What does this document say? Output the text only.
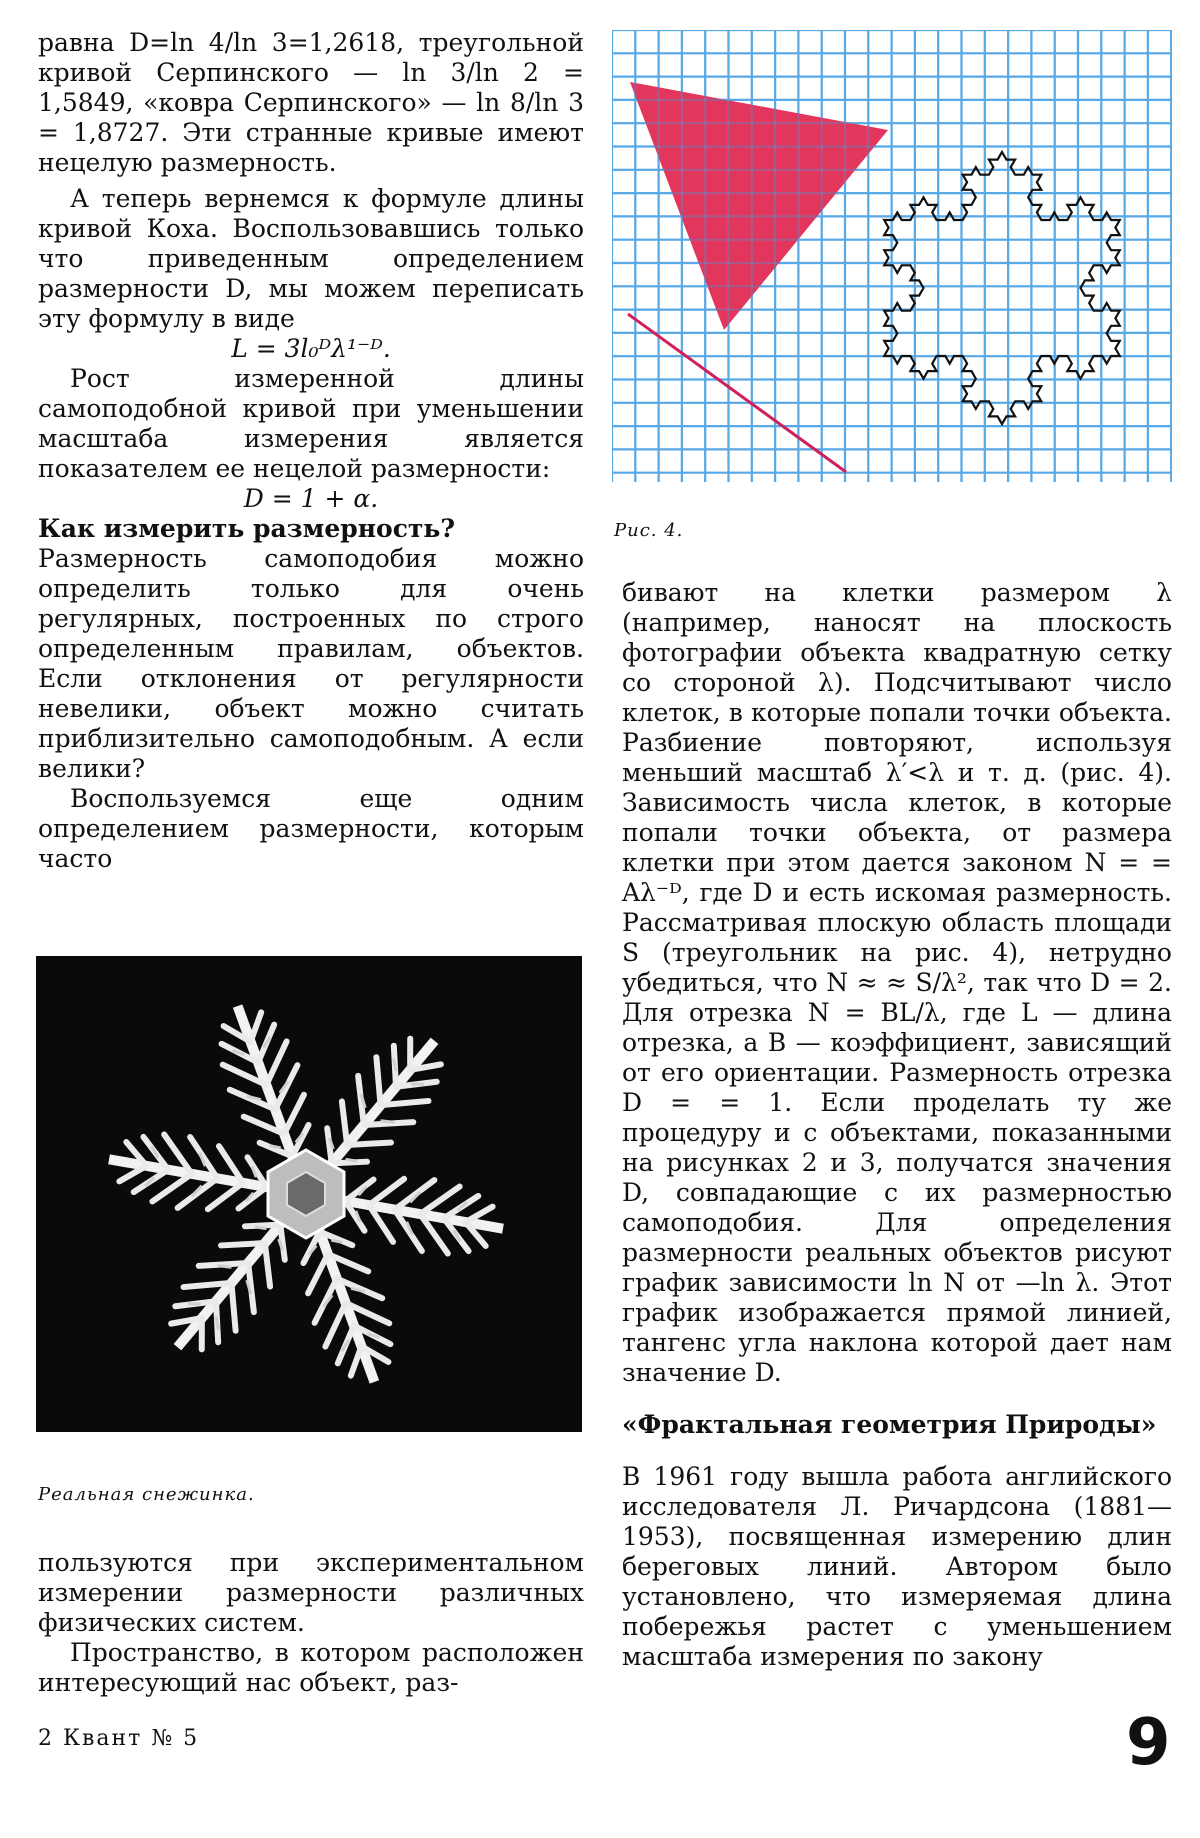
равна D=ln 4/ln 3=1,2618, треугольной кривой Серпинского — ln 3/ln 2 = 1,5849, «ковра Серпинского» — ln 8/ln 3 = 1,8727. Эти странные кривые имеют нецелую размерность.

А теперь вернемся к формуле длины кривой Коха. Воспользовавшись только что приведенным определением размерности D, мы можем переписать эту формулу в виде

L = 3l₀ᴰλ¹⁻ᴰ.

Рост измеренной длины самоподобной кривой при уменьшении масштаба измерения является показателем ее нецелой размерности:

D = 1 + α.

Как измерить размерность?

Размерность самоподобия можно определить только для очень регулярных, построенных по строго определенным правилам, объектов. Если отклонения от регулярности невелики, объект можно считать приблизительно самоподобным. А если велики?

Воспользуемся еще одним определением размерности, которым часто

Реальная снежинка.

пользуются при экспериментальном измерении размерности различных физических систем.

Пространство, в котором расположен интересующий нас объект, раз-

Рис. 4.

бивают на клетки размером λ (например, наносят на плоскость фотографии объекта квадратную сетку со стороной λ). Подсчитывают число клеток, в которые попали точки объекта. Разбиение повторяют, используя меньший масштаб λ′<λ и т. д. (рис. 4). Зависимость числа клеток, в которые попали точки объекта, от размера клетки при этом дается законом N = = Aλ⁻ᴰ, где D и есть искомая размерность. Рассматривая плоскую область площади S (треугольник на рис. 4), нетрудно убедиться, что N ≈ ≈ S/λ², так что D = 2. Для отрезка N = BL/λ, где L — длина отрезка, а B — коэффициент, зависящий от его ориентации. Размерность отрезка D = = 1. Если проделать ту же процедуру и с объектами, показанными на рисунках 2 и 3, получатся значения D, совпадающие с их размерностью самоподобия. Для определения размерности реальных объектов рисуют график зависимости ln N от —ln λ. Этот график изображается прямой линией, тангенс угла наклона которой дает нам значение D.

«Фрактальная геометрия Природы»

В 1961 году вышла работа английского исследователя Л. Ричардсона (1881—1953), посвященная измерению длин береговых линий. Автором было установлено, что измеряемая длина побережья растет с уменьшением масштаба измерения по закону

2 Квант № 5	9
